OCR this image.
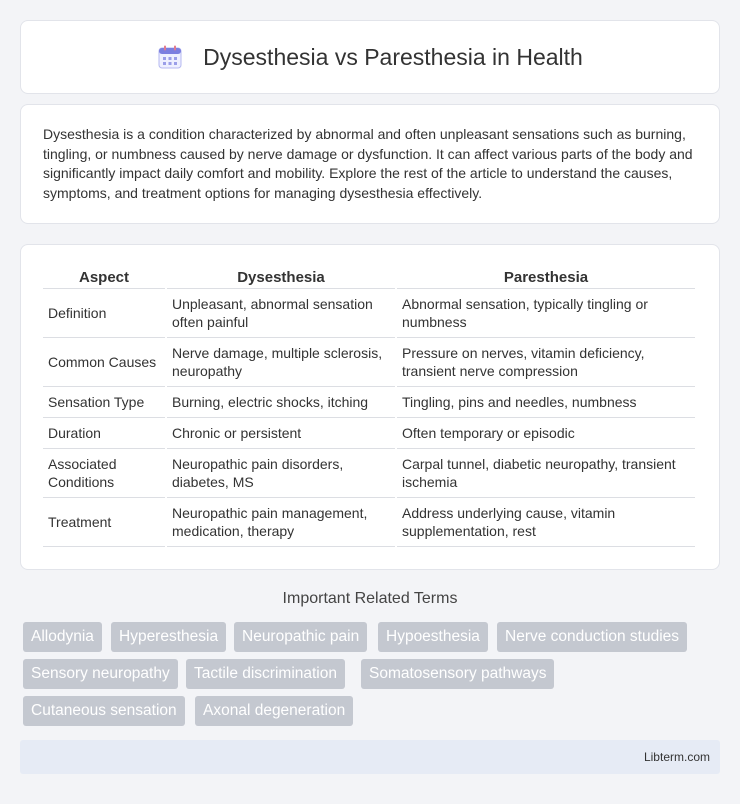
Dysesthesia vs Paresthesia in Health

Dysesthesia is a condition characterized by abnormal and often unpleasant sensations such as burning, tingling, or numbness caused by nerve damage or dysfunction. It can affect various parts of the body and significantly impact daily comfort and mobility. Explore the rest of the article to understand the causes, symptoms, and treatment options for managing dysesthesia effectively.

Aspect	Dysesthesia	Paresthesia
Definition	Unpleasant, abnormal sensation often painful	Abnormal sensation, typically tingling or numbness
Common Causes	Nerve damage, multiple sclerosis, neuropathy	Pressure on nerves, vitamin deficiency, transient nerve compression
Sensation Type	Burning, electric shocks, itching	Tingling, pins and needles, numbness
Duration	Chronic or persistent	Often temporary or episodic
Associated Conditions	Neuropathic pain disorders, diabetes, MS	Carpal tunnel, diabetic neuropathy, transient ischemia
Treatment	Neuropathic pain management, medication, therapy	Address underlying cause, vitamin supplementation, rest
Important Related Terms
Allodynia	Hyperesthesia	Neuropathic pain	Hypoesthesia	Nerve conduction studies
Sensory neuropathy	Tactile discrimination	Somatosensory pathways
Cutaneous sensation	Axonal degeneration
Libterm.com
